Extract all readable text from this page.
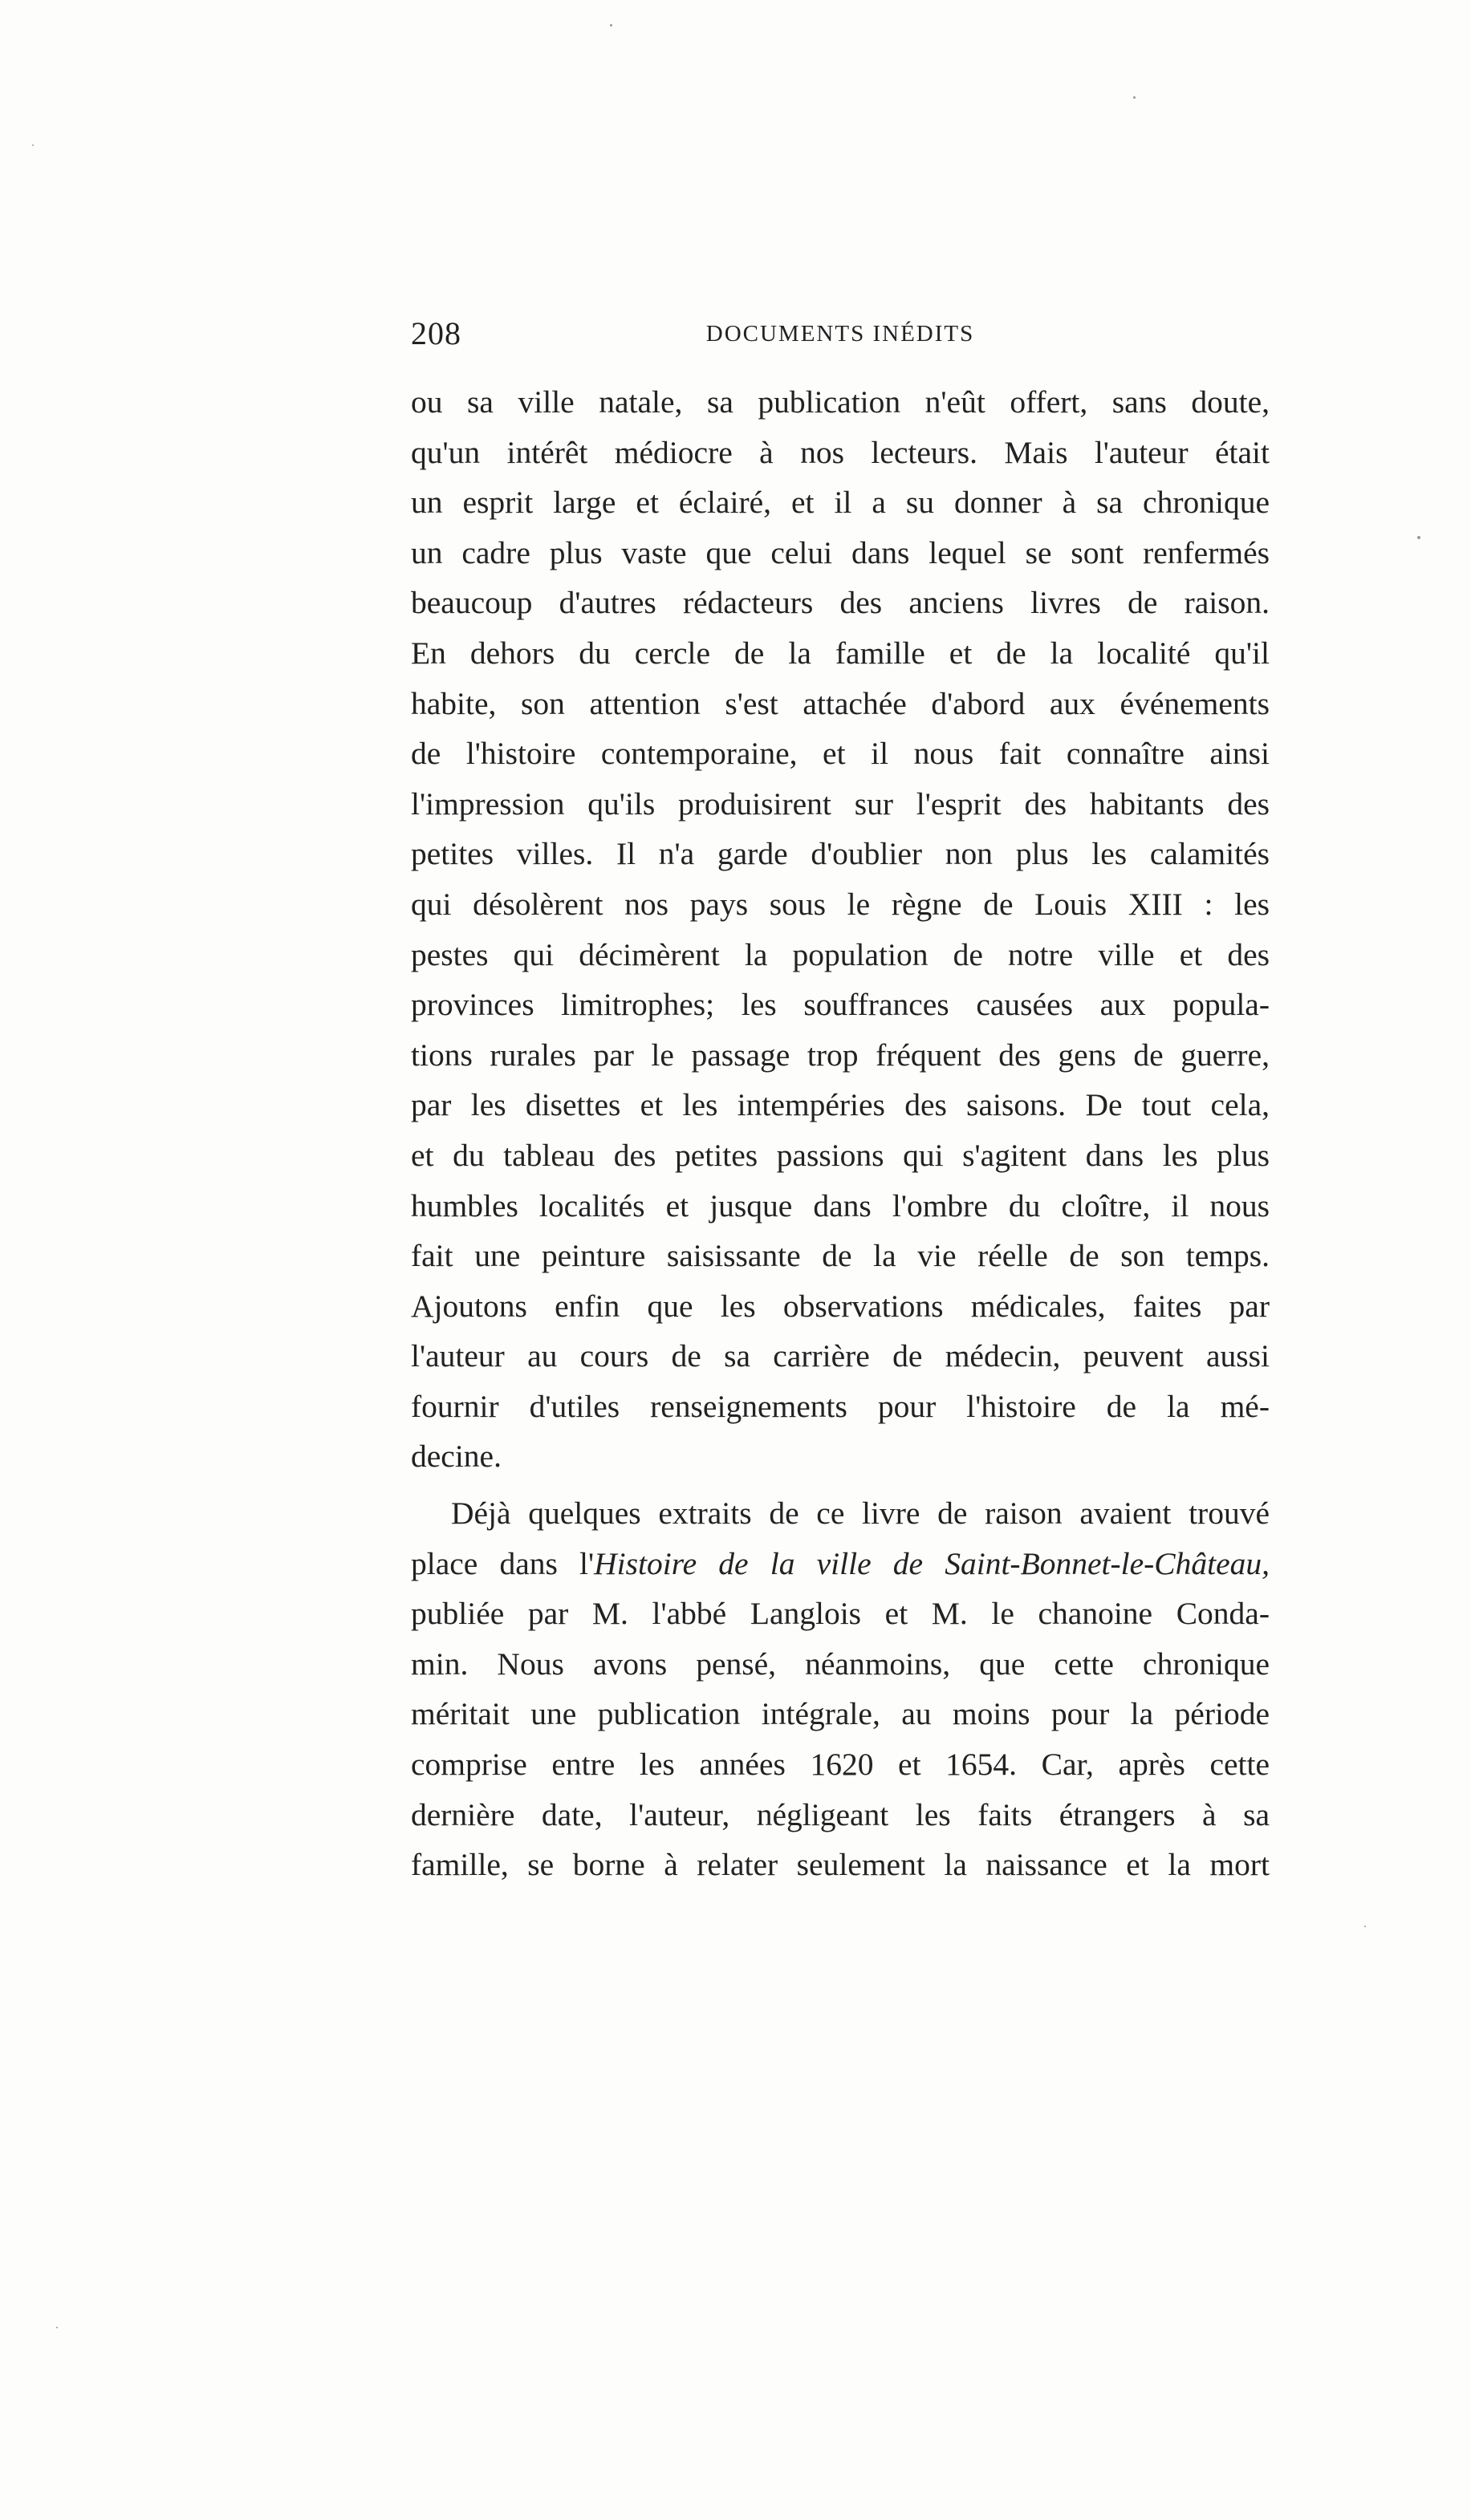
208	DOCUMENTS INÉDITS
ou sa ville natale, sa publication n'eût offert, sans doute,
qu'un intérêt médiocre à nos lecteurs. Mais l'auteur était
un esprit large et éclairé, et il a su donner à sa chronique
un cadre plus vaste que celui dans lequel se sont renfermés
beaucoup d'autres rédacteurs des anciens livres de raison.
En dehors du cercle de la famille et de la localité qu'il
habite, son attention s'est attachée d'abord aux événements
de l'histoire contemporaine, et il nous fait connaître ainsi
l'impression qu'ils produisirent sur l'esprit des habitants des
petites villes. Il n'a garde d'oublier non plus les calamités
qui désolèrent nos pays sous le règne de Louis XIII : les
pestes qui décimèrent la population de notre ville et des
provinces limitrophes; les souffrances causées aux popula-
tions rurales par le passage trop fréquent des gens de guerre,
par les disettes et les intempéries des saisons. De tout cela,
et du tableau des petites passions qui s'agitent dans les plus
humbles localités et jusque dans l'ombre du cloître, il nous
fait une peinture saisissante de la vie réelle de son temps.
Ajoutons enfin que les observations médicales, faites par
l'auteur au cours de sa carrière de médecin, peuvent aussi
fournir d'utiles renseignements pour l'histoire de la mé-
decine.
Déjà quelques extraits de ce livre de raison avaient trouvé
place dans l'Histoire de la ville de Saint-Bonnet-le-Château,
publiée par M. l'abbé Langlois et M. le chanoine Conda-
min. Nous avons pensé, néanmoins, que cette chronique
méritait une publication intégrale, au moins pour la période
comprise entre les années 1620 et 1654. Car, après cette
dernière date, l'auteur, négligeant les faits étrangers à sa
famille, se borne à relater seulement la naissance et la mort
